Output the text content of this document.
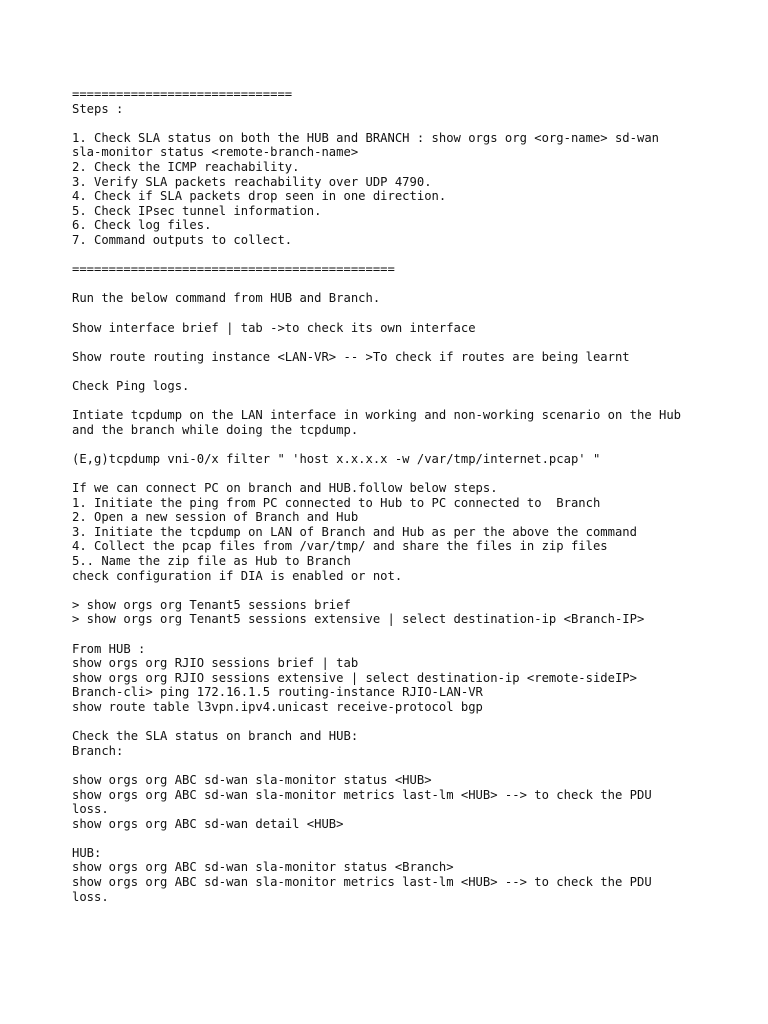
==============================
Steps :
1. Check SLA status on both the HUB and BRANCH : show orgs org <org-name> sd-wan
sla-monitor status <remote-branch-name>
2. Check the ICMP reachability.
3. Verify SLA packets reachability over UDP 4790.
4. Check if SLA packets drop seen in one direction.
5. Check IPsec tunnel information.
6. Check log files.
7. Command outputs to collect.
============================================
Run the below command from HUB and Branch.
Show interface brief | tab ->to check its own interface
Show route routing instance <LAN-VR> -- >To check if routes are being learnt
Check Ping logs.
Intiate tcpdump on the LAN interface in working and non-working scenario on the Hub
and the branch while doing the tcpdump.
(E,g)tcpdump vni-0/x filter " 'host x.x.x.x -w /var/tmp/internet.pcap' "
If we can connect PC on branch and HUB.follow below steps.
1. Initiate the ping from PC connected to Hub to PC connected to  Branch
2. Open a new session of Branch and Hub
3. Initiate the tcpdump on LAN of Branch and Hub as per the above the command
4. Collect the pcap files from /var/tmp/ and share the files in zip files
5.. Name the zip file as Hub to Branch
check configuration if DIA is enabled or not.
> show orgs org Tenant5 sessions brief
> show orgs org Tenant5 sessions extensive | select destination-ip <Branch-IP>
From HUB :
show orgs org RJIO sessions brief | tab
show orgs org RJIO sessions extensive | select destination-ip <remote-sideIP>
Branch-cli> ping 172.16.1.5 routing-instance RJIO-LAN-VR
show route table l3vpn.ipv4.unicast receive-protocol bgp
Check the SLA status on branch and HUB:
Branch:
show orgs org ABC sd-wan sla-monitor status <HUB>
show orgs org ABC sd-wan sla-monitor metrics last-lm <HUB> --> to check the PDU
loss.
show orgs org ABC sd-wan detail <HUB>
HUB:
show orgs org ABC sd-wan sla-monitor status <Branch>
show orgs org ABC sd-wan sla-monitor metrics last-lm <HUB> --> to check the PDU
loss.
